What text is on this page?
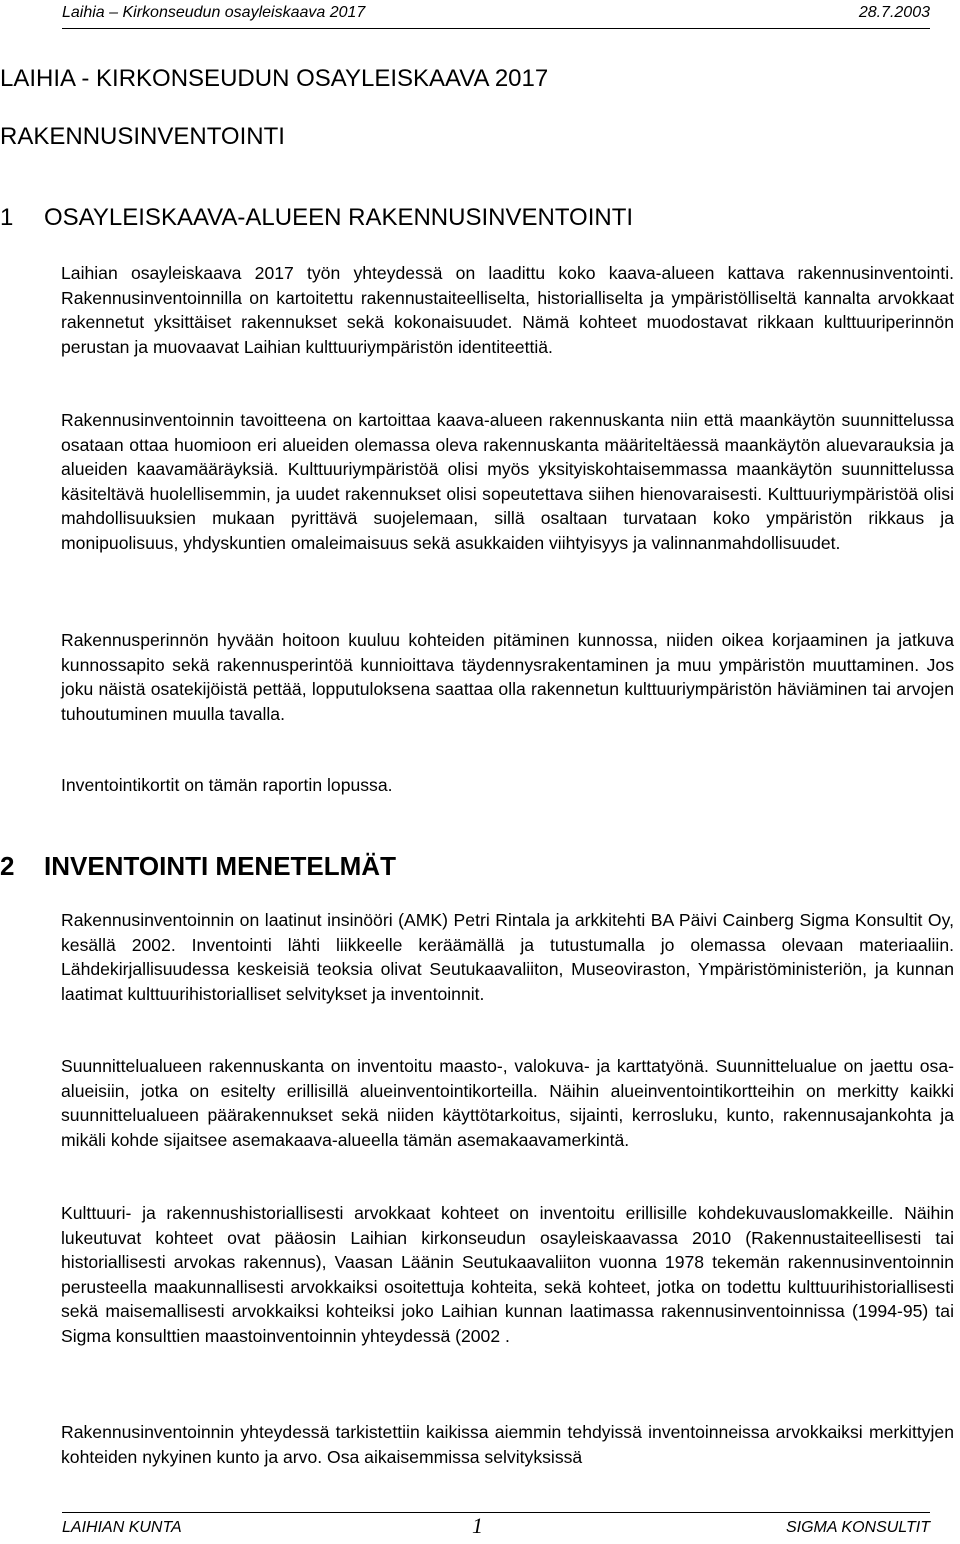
Laihia – Kirkonseudun osayleiskaava 2017	28.7.2003
LAIHIA - KIRKONSEUDUN OSAYLEISKAAVA 2017
RAKENNUSINVENTOINTI
1 OSAYLEISKAAVA-ALUEEN RAKENNUSINVENTOINTI

Laihian osayleiskaava 2017 työn yhteydessä on laadittu koko kaava-alueen kattava rakennusinventointi. Rakennusinventoinnilla on kartoitettu rakennustaiteelliselta, historialliselta ja ympäristölliseltä kannalta arvokkaat rakennetut yksittäiset rakennukset sekä kokonaisuudet. Nämä kohteet muodostavat rikkaan kulttuuriperinnön perustan ja muovaavat Laihian kulttuuriympäristön identiteettiä.

Rakennusinventoinnin tavoitteena on kartoittaa kaava-alueen rakennuskanta niin että maankäytön suunnittelussa osataan ottaa huomioon eri alueiden olemassa oleva rakennuskanta määriteltäessä maankäytön aluevarauksia ja alueiden kaavamääräyksiä. Kulttuuriympäristöä olisi myös yksityiskohtaisemmassa maankäytön suunnittelussa käsiteltävä huolellisemmin, ja uudet rakennukset olisi sopeutettava siihen hienovaraisesti. Kulttuuriympäristöä olisi mahdollisuuksien mukaan pyrittävä suojelemaan, sillä osaltaan turvataan koko ympäristön rikkaus ja monipuolisuus, yhdyskuntien omaleimaisuus sekä asukkaiden viihtyisyys ja valinnanmahdollisuudet.

Rakennusperinnön hyvään hoitoon kuuluu kohteiden pitäminen kunnossa, niiden oikea korjaaminen ja jatkuva kunnossapito sekä rakennusperintöä kunnioittava täydennysrakentaminen ja muu ympäristön muuttaminen. Jos joku näistä osatekijöistä pettää, lopputuloksena saattaa olla rakennetun kulttuuriympäristön häviäminen tai arvojen tuhoutuminen muulla tavalla.

Inventointikortit on tämän raportin lopussa.

2 INVENTOINTI MENETELMÄT

Rakennusinventoinnin on laatinut insinööri (AMK) Petri Rintala ja arkkitehti BA Päivi Cainberg Sigma Konsultit Oy, kesällä 2002. Inventointi lähti liikkeelle keräämällä ja tutustumalla jo olemassa olevaan materiaaliin. Lähdekirjallisuudessa keskeisiä teoksia olivat Seutukaavaliiton, Museoviraston, Ympäristöministeriön, ja kunnan laatimat kulttuurihistorialliset selvitykset ja inventoinnit.

Suunnittelualueen rakennuskanta on inventoitu maasto-, valokuva- ja karttatyönä. Suunnittelualue on jaettu osa-alueisiin, jotka on esitelty erillisillä alueinventointikorteilla. Näihin alueinventointikortteihin on merkitty kaikki suunnittelualueen päärakennukset sekä niiden käyttötarkoitus, sijainti, kerrosluku, kunto, rakennusajankohta ja mikäli kohde sijaitsee asemakaava-alueella tämän asemakaavamerkintä.

Kulttuuri- ja rakennushistoriallisesti arvokkaat kohteet on inventoitu erillisille kohdekuvauslomakkeille. Näihin lukeutuvat kohteet ovat pääosin Laihian kirkonseudun osayleiskaavassa 2010 (Rakennustaiteellisesti tai historiallisesti arvokas rakennus), Vaasan Läänin Seutukaavaliiton vuonna 1978 tekemän rakennusinventoinnin perusteella maakunnallisesti arvokkaiksi osoitettuja kohteita, sekä kohteet, jotka on todettu kulttuurihistoriallisesti sekä maisemallisesti arvokkaiksi kohteiksi joko Laihian kunnan laatimassa rakennusinventoinnissa (1994-95) tai Sigma konsulttien maastoinventoinnin yhteydessä (2002 .

Rakennusinventoinnin yhteydessä tarkistettiin kaikissa aiemmin tehdyissä inventoinneissa arvokkaiksi merkittyjen kohteiden nykyinen kunto ja arvo. Osa aikaisemmissa selvityksissä

LAIHIAN KUNTA	1	SIGMA KONSULTIT
